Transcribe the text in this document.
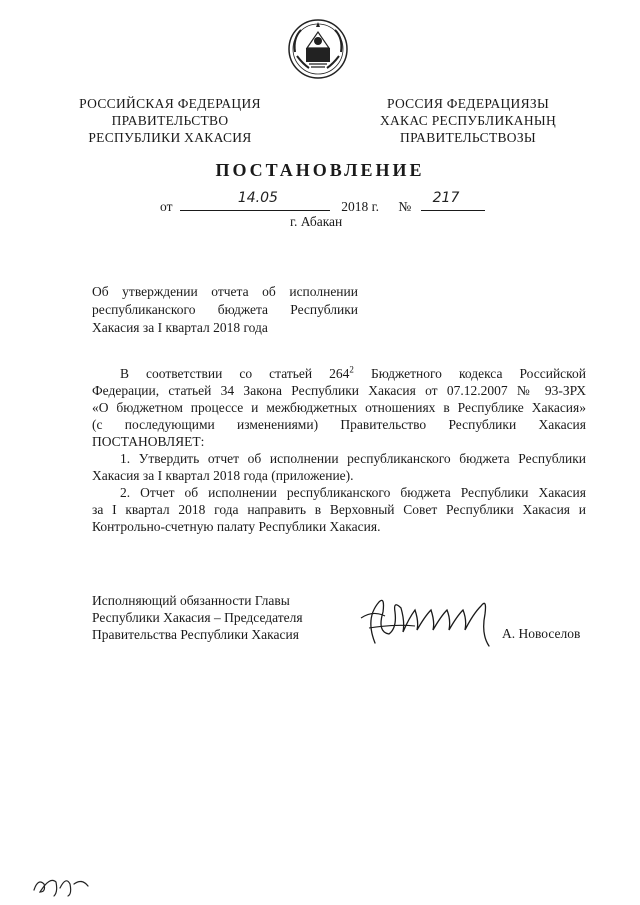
РОССИЙСКАЯ ФЕДЕРАЦИЯ
ПРАВИТЕЛЬСТВО
РЕСПУБЛИКИ ХАКАСИЯ
РОССИЯ ФЕДЕРАЦИЯЗЫ
ХАКАС РЕСПУБЛИКАНЫҢ
ПРАВИТЕЛЬСТВОЗЫ
ПОСТАНОВЛЕНИЕ
от
14.05
2018 г. №
217
г. Абакан

Об утверждении отчета об исполнении

республиканского бюджета Республики

Хакасия за I квартал 2018 года

В соответствии со статьей $264^2$ Бюджетного кодекса Российской
Федерации, статьей 34 Закона Республики Хакасия от 07.12.2007 № 93-ЗРХ
«О бюджетном процессе и межбюджетных отношениях в Республике Хакасия»
(с последующими изменениями) Правительство Республики Хакасия
ПОСТАНОВЛЯЕТ:
1. Утвердить отчет об исполнении республиканского бюджета Республики
Хакасия за I квартал 2018 года (приложение).
2. Отчет об исполнении республиканского бюджета Республики Хакасия
за I квартал 2018 года направить в Верховный Совет Республики Хакасия и
Контрольно-счетную палату Республики Хакасия.
Исполняющий обязанности Главы
Республики Хакасия – Председателя
Правительства Республики Хакасия	А. Новоселов
